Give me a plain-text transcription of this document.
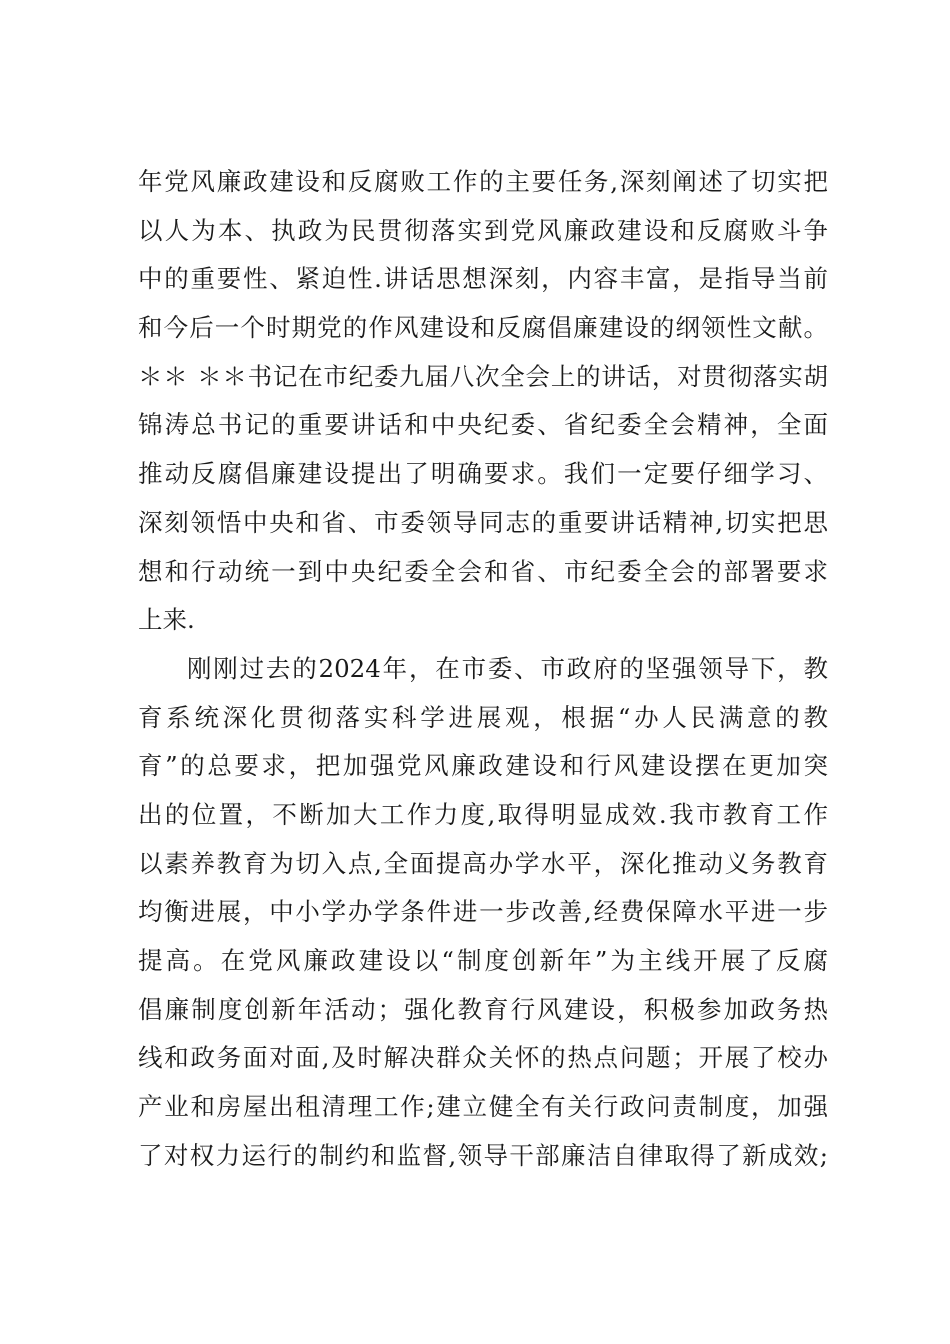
年党风廉政建设和反腐败工作的主要任务,深刻阐述了切实把
以人为本、执政为民贯彻落实到党风廉政建设和反腐败斗争
中的重要性、紧迫性.讲话思想深刻，内容丰富，是指导当前
和今后一个时期党的作风建设和反腐倡廉建设的纲领性文献。
＊＊ ＊＊书记在市纪委九届八次全会上的讲话，对贯彻落实胡
锦涛总书记的重要讲话和中央纪委、省纪委全会精神，全面
推动反腐倡廉建设提出了明确要求。我们一定要仔细学习、
深刻领悟中央和省、市委领导同志的重要讲话精神,切实把思
想和行动统一到中央纪委全会和省、市纪委全会的部署要求
上来.
刚刚过去的2024年，在市委、市政府的坚强领导下，教
育系统深化贯彻落实科学进展观，根据“办人民满意的教
育”的总要求，把加强党风廉政建设和行风建设摆在更加突
出的位置，不断加大工作力度,取得明显成效.我市教育工作
以素养教育为切入点,全面提高办学水平，深化推动义务教育
均衡进展，中小学办学条件进一步改善,经费保障水平进一步
提高。在党风廉政建设以“制度创新年”为主线开展了反腐
倡廉制度创新年活动；强化教育行风建设，积极参加政务热
线和政务面对面,及时解决群众关怀的热点问题；开展了校办
产业和房屋出租清理工作;建立健全有关行政问责制度，加强
了对权力运行的制约和监督,领导干部廉洁自律取得了新成效;
